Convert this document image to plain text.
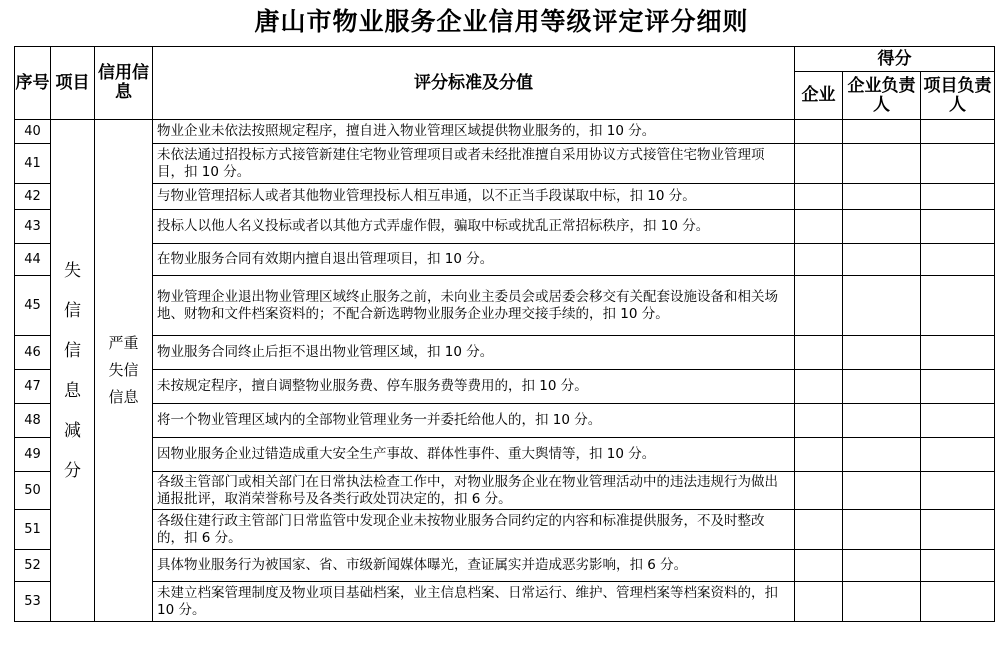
唐山市物业服务企业信用等级评定评分细则
序号	项目	信用信息	评分标准及分值	得分		
				企业	企业负责人	项目负责人
40	失信信息减分	严重失信信息	物业企业未依法按照规定程序，擅自进入物业管理区域提供物业服务的，扣 10 分。			
41			未依法通过招投标方式接管新建住宅物业管理项目或者未经批准擅自采用协议方式接管住宅物业管理项目，扣 10 分。			
42			与物业管理招标人或者其他物业管理投标人相互串通，以不正当手段谋取中标，扣 10 分。			
43			投标人以他人名义投标或者以其他方式弄虚作假，骗取中标或扰乱正常招标秩序，扣 10 分。			
44			在物业服务合同有效期内擅自退出管理项目，扣 10 分。			
45			物业管理企业退出物业管理区域终止服务之前，未向业主委员会或居委会移交有关配套设施设备和相关场地、财物和文件档案资料的；不配合新选聘物业服务企业办理交接手续的，扣 10 分。			
46			物业服务合同终止后拒不退出物业管理区域，扣 10 分。			
47			未按规定程序，擅自调整物业服务费、停车服务费等费用的，扣 10 分。			
48			将一个物业管理区域内的全部物业管理业务一并委托给他人的，扣 10 分。			
49			因物业服务企业过错造成重大安全生产事故、群体性事件、重大舆情等，扣 10 分。			
50			各级主管部门或相关部门在日常执法检查工作中，对物业服务企业在物业管理活动中的违法违规行为做出通报批评，取消荣誉称号及各类行政处罚决定的，扣 6 分。			
51			各级住建行政主管部门日常监管中发现企业未按物业服务合同约定的内容和标准提供服务，不及时整改的，扣 6 分。			
52			具体物业服务行为被国家、省、市级新闻媒体曝光，查证属实并造成恶劣影响，扣 6 分。			
53			未建立档案管理制度及物业项目基础档案，业主信息档案、日常运行、维护、管理档案等档案资料的，扣 10 分。			
